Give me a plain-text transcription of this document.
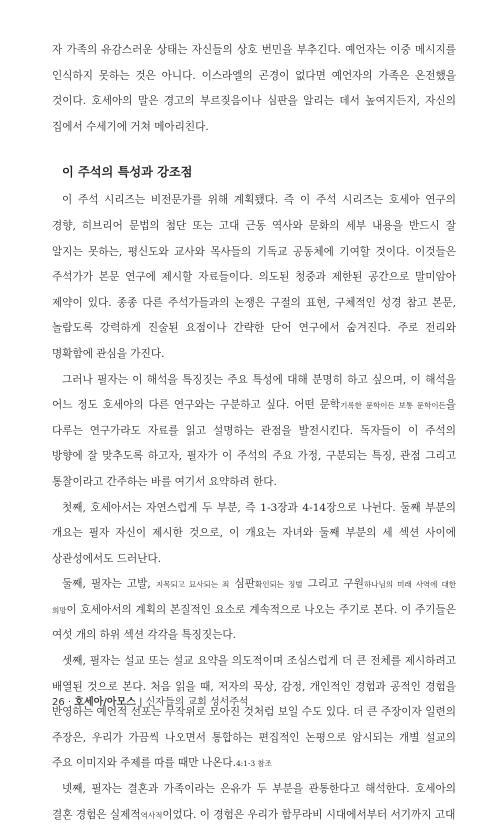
자 가족의 유감스러운 상태는 자신들의 상호 번민을 부추긴다. 예언자는 이중 메시지를 인식하지 못하는 것은 아니다. 이스라엘의 곤경이 없다면 예언자의 가족은 온전했을 것이다. 호세아의 말은 경고의 부르짖음이나 심판을 알리는 데서 높여지든지, 자신의 집에서 수세기에 거쳐 메아리친다.

이 주석의 특성과 강조점

이 주석 시리즈는 비전문가를 위해 계획됐다. 즉 이 주석 시리즈는 호세아 연구의 경향, 히브리어 문법의 첨단 또는 고대 근동 역사와 문화의 세부 내용을 반드시 잘 알지는 못하는, 평신도와 교사와 목사들의 기독교 공동체에 기여할 것이다. 이것들은 주석가가 본문 연구에 제시할 자료들이다. 의도된 청중과 제한된 공간으로 말미암아 제약이 있다. 종종 다른 주석가들과의 논쟁은 구절의 표현, 구체적인 성경 참고 본문, 놀람도록 강력하게 진술된 요점이나 간략한 단어 연구에서 숨겨진다. 주로 전리와 명확함에 관심을 가진다.

그러나 필자는 이 해석을 특징짓는 주요 특성에 대해 분명히 하고 싶으며, 이 해석을 어느 정도 호세아의 다른 연구와는 구분하고 싶다. 어떤 문학기록한 문학이든 보통 문학이든을 다루는 연구가라도 자료를 읽고 설명하는 관점을 발전시킨다. 독자들이 이 주석의 방향에 잘 맞추도록 하고자, 필자가 이 주석의 주요 가정, 구분되는 특징, 관점 그리고 통찰이라고 간주하는 바를 여기서 요약하려 한다.

첫째, 호세아서는 자연스럽게 두 부분, 즉 1-3장과 4-14장으로 나뉜다. 둘째 부분의 개요는 필자 자신이 제시한 것으로, 이 개요는 자녀와 둘째 부분의 세 섹션 사이에 상관성에서도 드러난다.

둘째, 필자는 고발, 지목되고 묘사되는 죄 심판확인되는 징벌 그리고 구원하나님의 미래 사역에 대한 희망이 호세아서의 계획의 본질적인 요소로 계속적으로 나오는 주기로 본다. 이 주기들은 여섯 개의 하위 섹션 각각을 특징짓는다.

셋째, 필자는 설교 또는 설교 요약을 의도적이며 조심스럽게 더 큰 전체를 제시하려고 배열된 것으로 본다. 처음 읽을 때, 저자의 묵상, 감정, 개인적인 경험과 공적인 경험을 반영하는 예언적 선포는 무작위로 모아진 것처럼 보일 수도 있다. 더 큰 주장이자 일련의 주장은, 우리가 가끔씩 나오면서 통합하는 편집적인 논평으로 암시되는 개별 설교의 주요 이미지와 주제를 따를 때만 나온다.4:1-3 참조

넷째, 필자는 결혼과 가족이라는 은유가 두 부분을 관통한다고 해석한다. 호세아의 결혼 경험은 실제적역사적이었다. 이 경험은 우리가 함무라비 시대에서부터 서기까지 고대

26 · 호세아/아모스 | 신자들의 교회 성서주석
